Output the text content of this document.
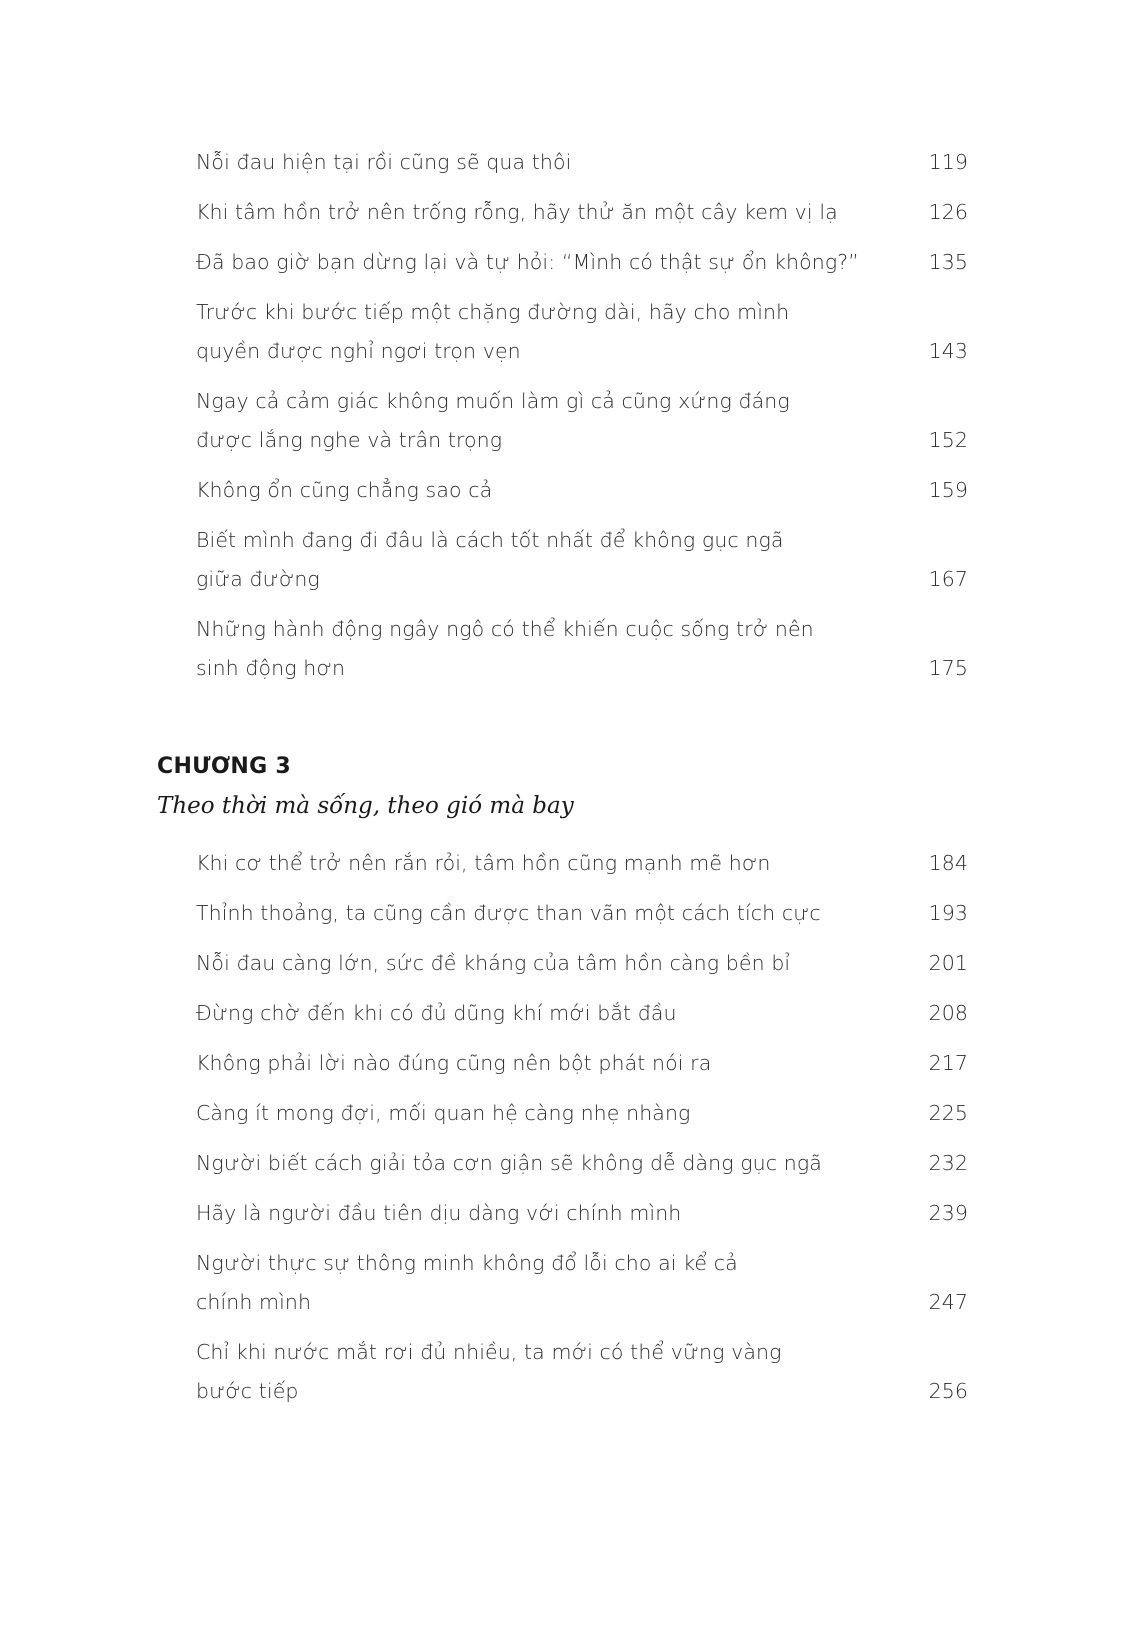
Nỗi đau hiện tại rồi cũng sẽ qua thôi	119
Khi tâm hồn trở nên trống rỗng, hãy thử ăn một cây kem vị lạ	126
Đã bao giờ bạn dừng lại và tự hỏi: “Mình có thật sự ổn không?”	135
Trước khi bước tiếp một chặng đường dài, hãy cho mình quyền được nghỉ ngơi trọn vẹn	143
Ngay cả cảm giác không muốn làm gì cả cũng xứng đáng được lắng nghe và trân trọng	152
Không ổn cũng chẳng sao cả	159
Biết mình đang đi đâu là cách tốt nhất để không gục ngã giữa đường	167
Những hành động ngây ngô có thể khiến cuộc sống trở nên sinh động hơn	175
CHƯƠNG 3

Theo thời mà sống, theo gió mà bay

Khi cơ thể trở nên rắn rỏi, tâm hồn cũng mạnh mẽ hơn	184
Thỉnh thoảng, ta cũng cần được than vãn một cách tích cực	193
Nỗi đau càng lớn, sức đề kháng của tâm hồn càng bền bỉ	201
Đừng chờ đến khi có đủ dũng khí mới bắt đầu	208
Không phải lời nào đúng cũng nên bột phát nói ra	217
Càng ít mong đợi, mối quan hệ càng nhẹ nhàng	225
Người biết cách giải tỏa cơn giận sẽ không dễ dàng gục ngã	232
Hãy là người đầu tiên dịu dàng với chính mình	239
Người thực sự thông minh không đổ lỗi cho ai kể cả chính mình	247
Chỉ khi nước mắt rơi đủ nhiều, ta mới có thể vững vàng bước tiếp	256
